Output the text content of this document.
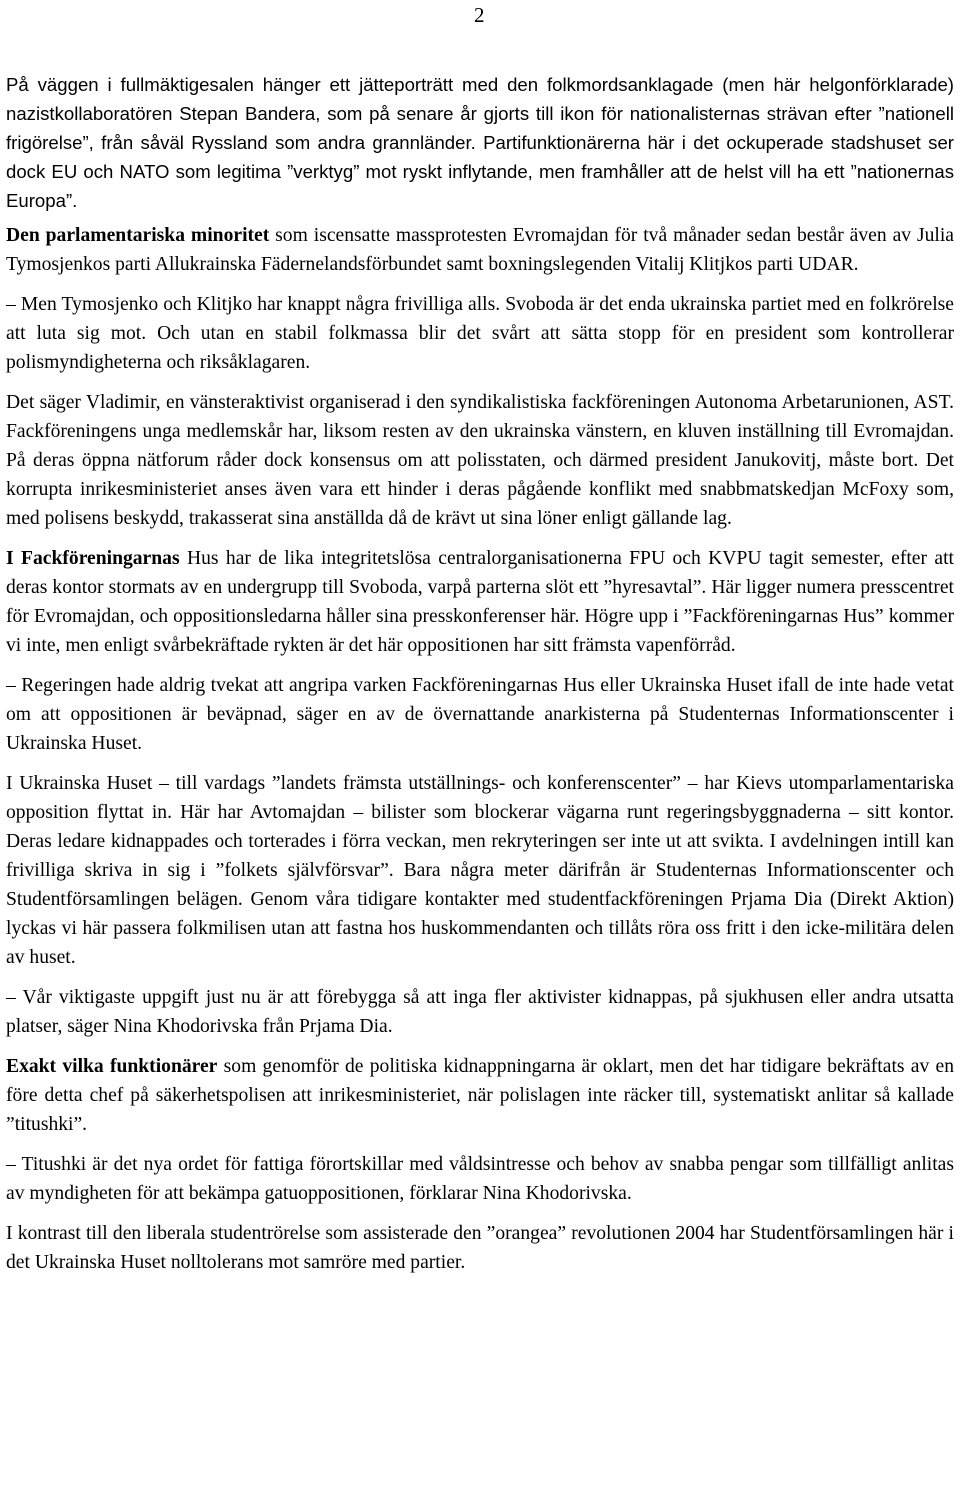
2

På väggen i fullmäktigesalen hänger ett jätteporträtt med den folkmordsanklagade (men här helgonförklarade) nazistkollaboratören Stepan Bandera, som på senare år gjorts till ikon för nationalisternas strävan efter ”nationell frigörelse”, från såväl Ryssland som andra grannländer. Partifunktionärerna här i det ockuperade stadshuset ser dock EU och NATO som legitima ”verktyg” mot ryskt inflytande, men framhåller att de helst vill ha ett ”nationernas Europa”.

Den parlamentariska minoritet som iscensatte massprotesten Evromajdan för två månader sedan består även av Julia Tymosjenkos parti Allukrainska Fädernelandsförbundet samt boxningslegenden Vitalij Klitjkos parti UDAR.

– Men Tymosjenko och Klitjko har knappt några frivilliga alls. Svoboda är det enda ukrainska partiet med en folkrörelse att luta sig mot. Och utan en stabil folkmassa blir det svårt att sätta stopp för en president som kontrollerar polismyndigheterna och riksåklagaren.

Det säger Vladimir, en vänsteraktivist organiserad i den syndikalistiska fackföreningen Autonoma Arbetarunionen, AST. Fackföreningens unga medlemskår har, liksom resten av den ukrainska vänstern, en kluven inställning till Evromajdan. På deras öppna nätforum råder dock konsensus om att polisstaten, och därmed president Janukovitj, måste bort. Det korrupta inrikesministeriet anses även vara ett hinder i deras pågående konflikt med snabbmatskedjan McFoxy som, med polisens beskydd, trakasserat sina anställda då de krävt ut sina löner enligt gällande lag.

I Fackföreningarnas Hus har de lika integritetslösa centralorganisationerna FPU och KVPU tagit semester, efter att deras kontor stormats av en undergrupp till Svoboda, varpå parterna slöt ett ”hyresavtal”. Här ligger numera presscentret för Evromajdan, och oppositionsledarna håller sina presskonferenser här. Högre upp i ”Fackföreningarnas Hus” kommer vi inte, men enligt svårbekräftade rykten är det här oppositionen har sitt främsta vapenförråd.

– Regeringen hade aldrig tvekat att angripa varken Fackföreningarnas Hus eller Ukrainska Huset ifall de inte hade vetat om att oppositionen är beväpnad, säger en av de övernattande anarkisterna på Studenternas Informationscenter i Ukrainska Huset.

I Ukrainska Huset – till vardags ”landets främsta utställnings- och konferenscenter” – har Kievs utomparlamentariska opposition flyttat in. Här har Avtomajdan – bilister som blockerar vägarna runt regeringsbyggnaderna – sitt kontor. Deras ledare kidnappades och torterades i förra veckan, men rekryteringen ser inte ut att svikta. I avdelningen intill kan frivilliga skriva in sig i ”folkets självförsvar”. Bara några meter därifrån är Studenternas Informationscenter och Studentförsamlingen belägen. Genom våra tidigare kontakter med studentfackföreningen Prjama Dia (Direkt Aktion) lyckas vi här passera folkmilisen utan att fastna hos huskommendanten och tillåts röra oss fritt i den icke-militära delen av huset.

– Vår viktigaste uppgift just nu är att förebygga så att inga fler aktivister kidnappas, på sjukhusen eller andra utsatta platser, säger Nina Khodorivska från Prjama Dia.

Exakt vilka funktionärer som genomför de politiska kidnappningarna är oklart, men det har tidigare bekräftats av en före detta chef på säkerhetspolisen att inrikesministeriet, när polislagen inte räcker till, systematiskt anlitar så kallade ”titushki”.

– Titushki är det nya ordet för fattiga förortskillar med våldsintresse och behov av snabba pengar som tillfälligt anlitas av myndigheten för att bekämpa gatuoppositionen, förklarar Nina Khodorivska.

I kontrast till den liberala studentrörelse som assisterade den ”orangea” revolutionen 2004 har Studentförsamlingen här i det Ukrainska Huset nolltolerans mot samröre med partier.
